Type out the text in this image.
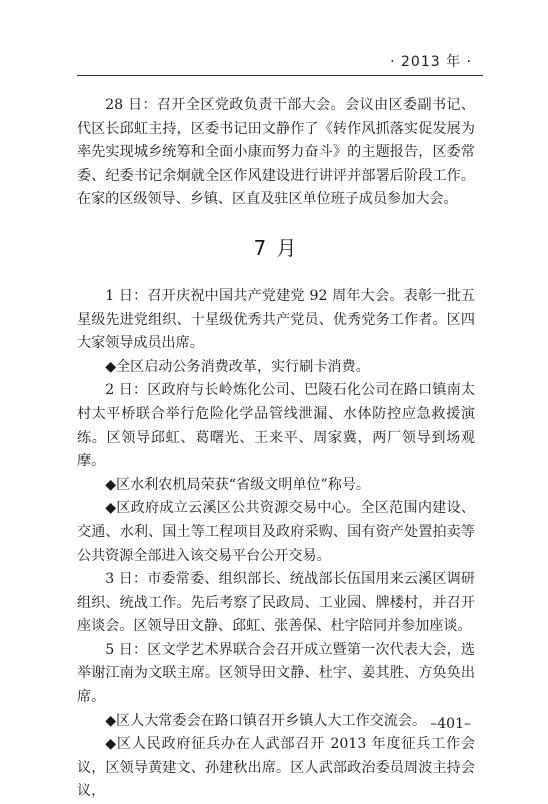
· 2013 年 ·

28 日：召开全区党政负责干部大会。会议由区委副书记、代区长邱虹主持，区委书记田文静作了《转作风抓落实促发展为率先实现城乡统筹和全面小康而努力奋斗》的主题报告，区委常委、纪委书记余炯就全区作风建设进行讲评并部署后阶段工作。在家的区级领导、乡镇、区直及驻区单位班子成员参加大会。

7 月

1 日：召开庆祝中国共产党建党 92 周年大会。表彰一批五星级先进党组织、十星级优秀共产党员、优秀党务工作者。区四大家领导成员出席。

◆全区启动公务消费改革，实行刷卡消费。

2 日：区政府与长岭炼化公司、巴陵石化公司在路口镇南太村太平桥联合举行危险化学品管线泄漏、水体防控应急救援演练。区领导邱虹、葛曙光、王来平、周家冀，两厂领导到场观摩。

◆区水利农机局荣获“省级文明单位”称号。

◆区政府成立云溪区公共资源交易中心。全区范围内建设、交通、水利、国土等工程项目及政府采购、国有资产处置拍卖等公共资源全部进入该交易平台公开交易。

3 日：市委常委、组织部长、统战部长伍国用来云溪区调研组织、统战工作。先后考察了民政局、工业园、牌楼村，并召开座谈会。区领导田文静、邱虹、张善保、杜宇陪同并参加座谈。

5 日：区文学艺术界联合会召开成立暨第一次代表大会，选举谢江南为文联主席。区领导田文静、杜宇、姜其胜、方奂奂出席。

◆区人大常委会在路口镇召开乡镇人大工作交流会。

◆区人民政府征兵办在人武部召开 2013 年度征兵工作会议，区领导黄建文、孙建秋出席。区人武部政治委员周波主持会议，

–401–
